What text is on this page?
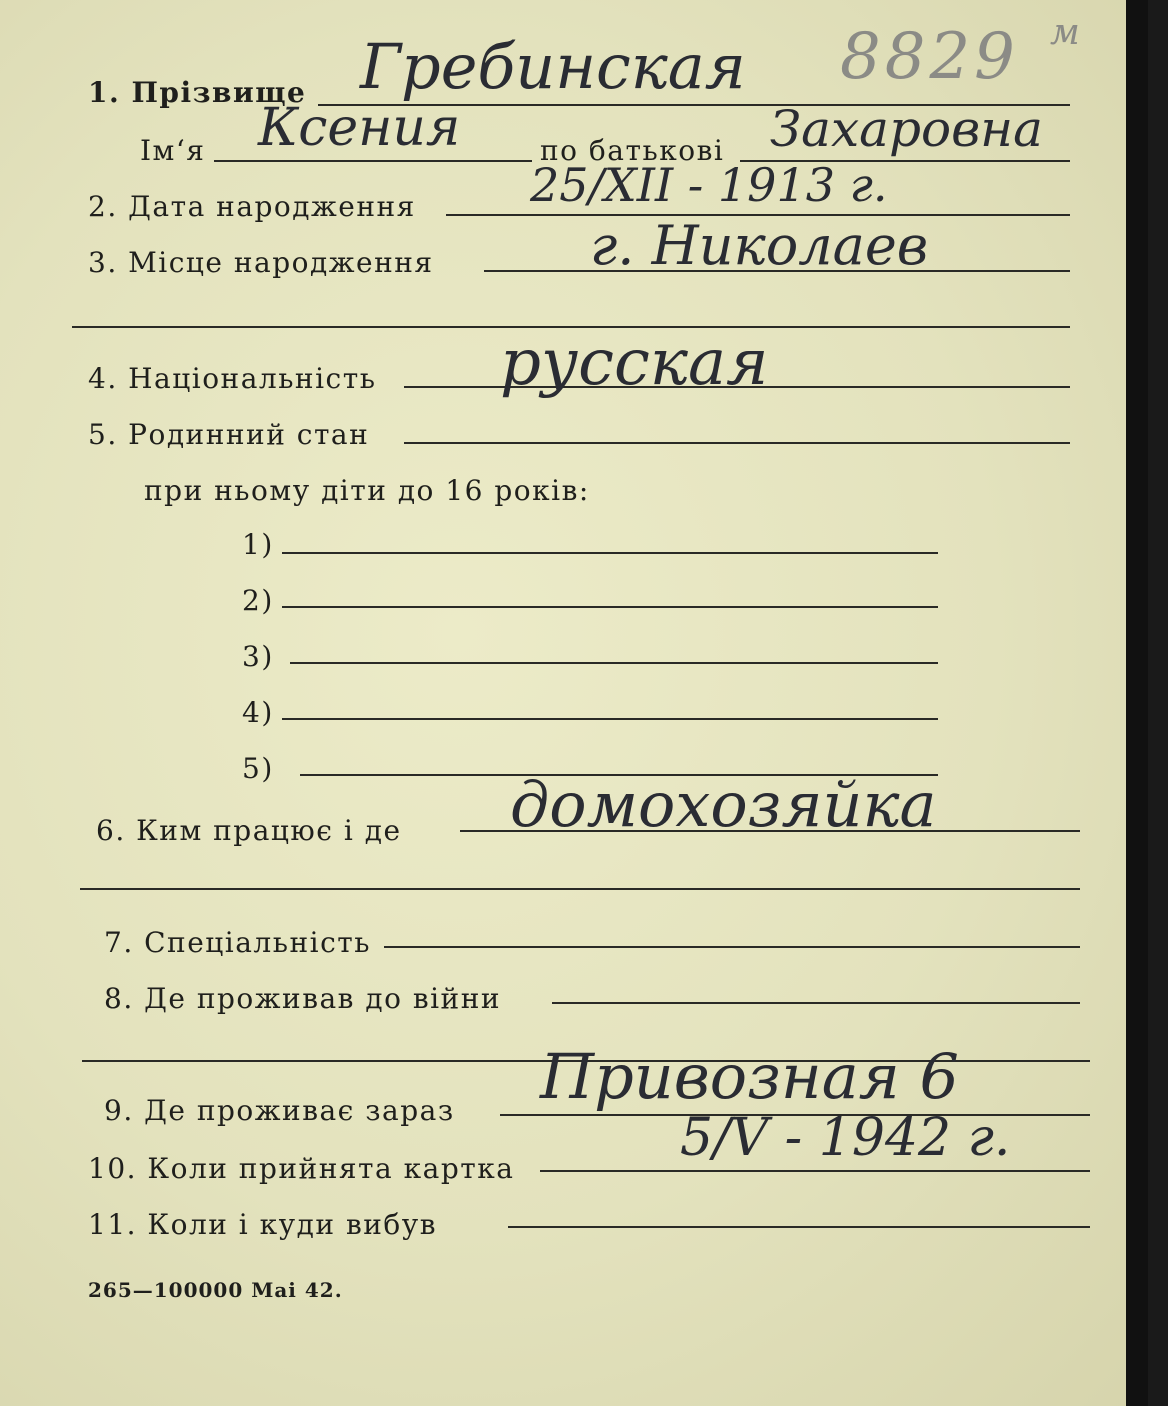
8829 м
1. Прізвище Гребинская
Ім‘я Ксения	по батькові Захаровна
2. Дата народження 25/XII - 1913 г.
3. Місце народження	г. Николаев
4. Національність русская
5. Родинний стан
при ньому діти до 16 років:
1)
2)
3)
4)
5)
6. Ким працює і де домохозяйка
7. Спеціальність
8. Де проживав до війни
9. Де проживає зараз Привозная 6
10. Коли прийнята картка
5/V - 1942 г.
11. Коли і куди вибув
265—100000 Mai 42.
